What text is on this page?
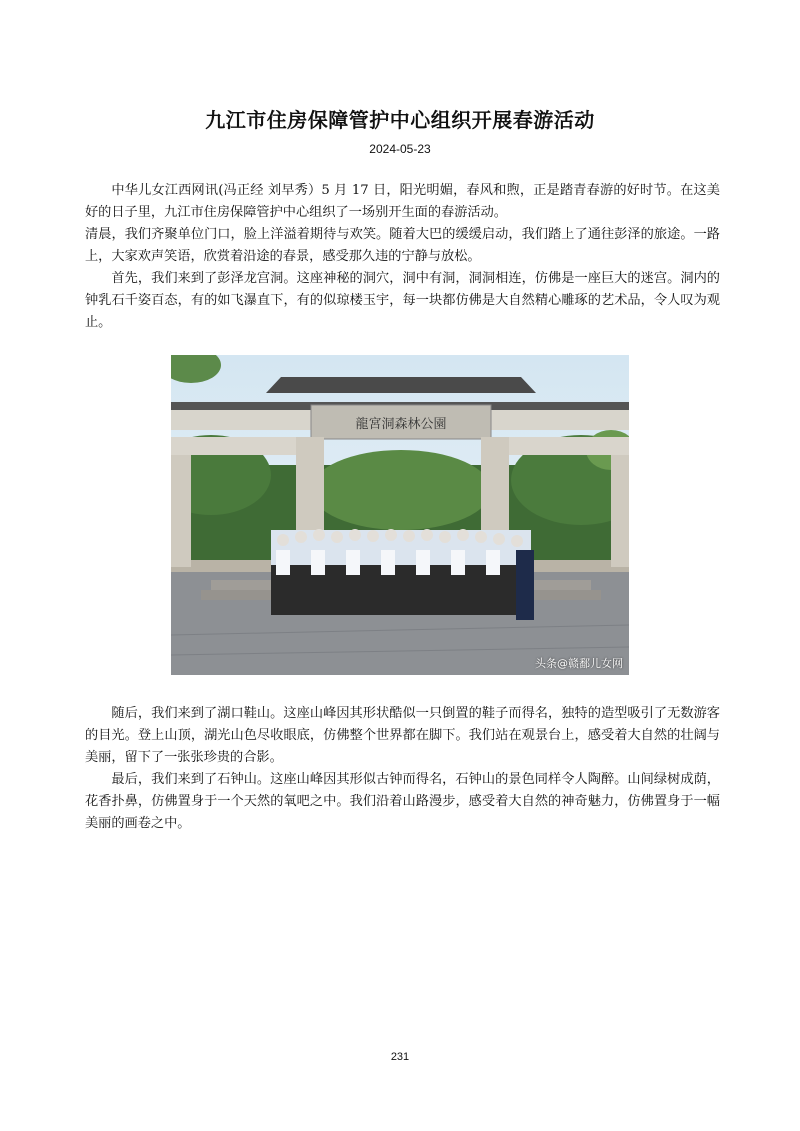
九江市住房保障管护中心组织开展春游活动
2024-05-23

中华儿女江西网讯(冯正经 刘早秀）5 月 17 日，阳光明媚，春风和煦，正是踏青春游的好时节。在这美好的日子里，九江市住房保障管护中心组织了一场别开生面的春游活动。

清晨，我们齐聚单位门口，脸上洋溢着期待与欢笑。随着大巴的缓缓启动，我们踏上了通往彭泽的旅途。一路上，大家欢声笑语，欣赏着沿途的春景，感受那久违的宁静与放松。

首先，我们来到了彭泽龙宫洞。这座神秘的洞穴，洞中有洞，洞洞相连，仿佛是一座巨大的迷宫。洞内的钟乳石千姿百态，有的如飞瀑直下，有的似琼楼玉宇，每一块都仿佛是大自然精心雕琢的艺术品，令人叹为观止。

龍宮洞森林公園
头条@赣鄱儿女网

随后，我们来到了湖口鞋山。这座山峰因其形状酷似一只倒置的鞋子而得名，独特的造型吸引了无数游客的目光。登上山顶，湖光山色尽收眼底，仿佛整个世界都在脚下。我们站在观景台上，感受着大自然的壮阔与美丽，留下了一张张珍贵的合影。

最后，我们来到了石钟山。这座山峰因其形似古钟而得名，石钟山的景色同样令人陶醉。山间绿树成荫，花香扑鼻，仿佛置身于一个天然的氧吧之中。我们沿着山路漫步，感受着大自然的神奇魅力，仿佛置身于一幅美丽的画卷之中。

231
